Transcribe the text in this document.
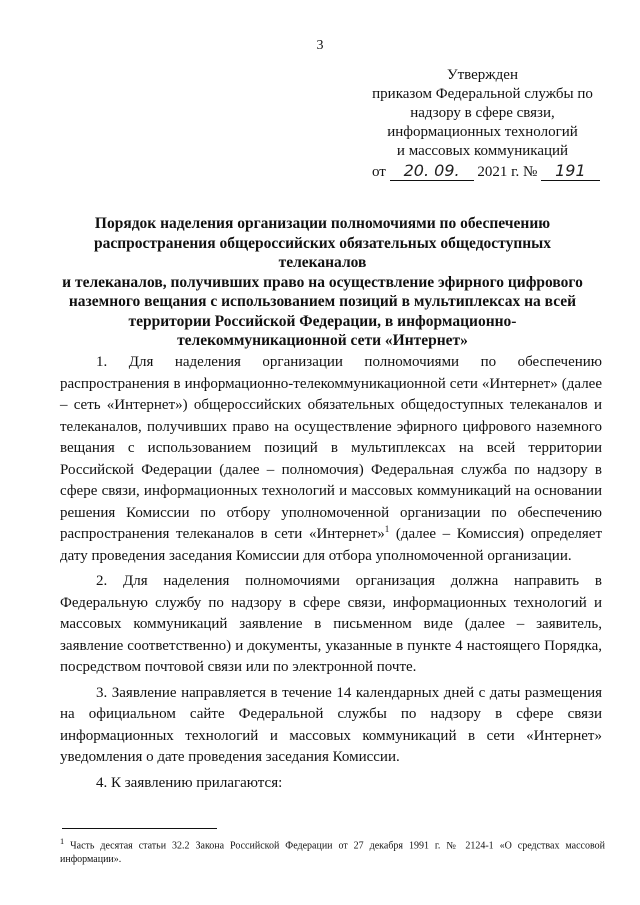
3
Утвержден
приказом Федеральной службы по
надзору в сфере связи,
информационных технологий
и массовых коммуникаций
от 20. 09. 2021 г. № 191
Порядок наделения организации полномочиями по обеспечению
распространения общероссийских обязательных общедоступных телеканалов
и телеканалов, получивших право на осуществление эфирного цифрового
наземного вещания с использованием позиций в мультиплексах на всей
территории Российской Федерации, в информационно-
телекоммуникационной сети «Интернет»

1. Для наделения организации полномочиями по обеспечению распространения в информационно-телекоммуникационной сети «Интернет» (далее – сеть «Интернет») общероссийских обязательных общедоступных телеканалов и телеканалов, получивших право на осуществление эфирного цифрового наземного вещания с использованием позиций в мультиплексах на всей территории Российской Федерации (далее – полномочия) Федеральная служба по надзору в сфере связи, информационных технологий и массовых коммуникаций на основании решения Комиссии по отбору уполномоченной организации по обеспечению распространения телеканалов в сети «Интернет»$^1$ (далее – Комиссия) определяет дату проведения заседания Комиссии для отбора уполномоченной организации.

2. Для наделения полномочиями организация должна направить в Федеральную службу по надзору в сфере связи, информационных технологий и массовых коммуникаций заявление в письменном виде (далее – заявитель, заявление соответственно) и документы, указанные в пункте 4 настоящего Порядка, посредством почтовой связи или по электронной почте.

3. Заявление направляется в течение 14 календарных дней с даты размещения на официальном сайте Федеральной службы по надзору в сфере связи информационных технологий и массовых коммуникаций в сети «Интернет» уведомления о дате проведения заседания Комиссии.

4. К заявлению прилагаются:

$^1$ Часть десятая статьи 32.2 Закона Российской Федерации от 27 декабря 1991 г. № 2124-1 «О средствах массовой информации».
